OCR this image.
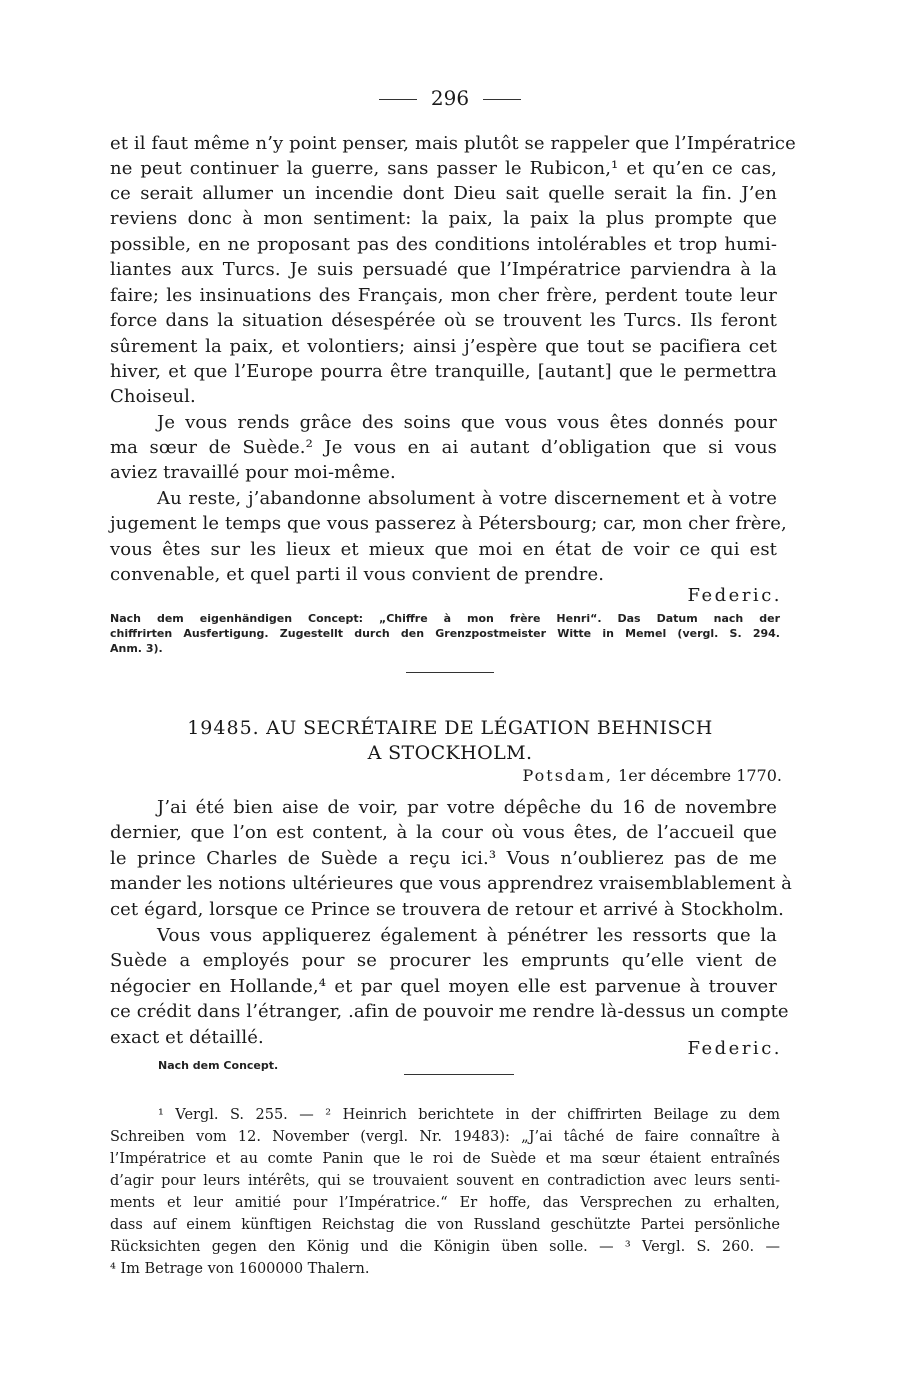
296
et il faut même n’y point penser, mais plutôt se rappeler que l’Impératrice
ne peut continuer la guerre, sans passer le Rubicon,¹ et qu’en ce cas,
ce serait allumer un incendie dont Dieu sait quelle serait la fin. J’en
reviens donc à mon sentiment: la paix, la paix la plus prompte que
possible, en ne proposant pas des conditions intolérables et trop humi-
liantes aux Turcs. Je suis persuadé que l’Impératrice parviendra à la
faire; les insinuations des Français, mon cher frère, perdent toute leur
force dans la situation désespérée où se trouvent les Turcs. Ils feront
sûrement la paix, et volontiers; ainsi j’espère que tout se pacifiera cet
hiver, et que l’Europe pourra être tranquille, [autant] que le permettra
Choiseul.
Je vous rends grâce des soins que vous vous êtes donnés pour
ma sœur de Suède.² Je vous en ai autant d’obligation que si vous
aviez travaillé pour moi-même.
Au reste, j’abandonne absolument à votre discernement et à votre
jugement le temps que vous passerez à Pétersbourg; car, mon cher frère,
vous êtes sur les lieux et mieux que moi en état de voir ce qui est
convenable, et quel parti il vous convient de prendre.
Federic.
Nach dem eigenhändigen Concept: „Chiffre à mon frère Henri“. Das Datum nach der
chiffrirten Ausfertigung. Zugestellt durch den Grenzpostmeister Witte in Memel (vergl. S. 294.
Anm. 3).
19485. AU SECRÉTAIRE DE LÉGATION BEHNISCH
A STOCKHOLM.
Potsdam, 1er décembre 1770.
J’ai été bien aise de voir, par votre dépêche du 16 de novembre
dernier, que l’on est content, à la cour où vous êtes, de l’accueil que
le prince Charles de Suède a reçu ici.³ Vous n’oublierez pas de me
mander les notions ultérieures que vous apprendrez vraisemblablement à
cet égard, lorsque ce Prince se trouvera de retour et arrivé à Stockholm.
Vous vous appliquerez également à pénétrer les ressorts que la
Suède a employés pour se procurer les emprunts qu’elle vient de
négocier en Hollande,⁴ et par quel moyen elle est parvenue à trouver
ce crédit dans l’étranger, .afin de pouvoir me rendre là-dessus un compte
exact et détaillé.
Federic.
Nach dem Concept.
¹ Vergl. S. 255. — ² Heinrich berichtete in der chiffrirten Beilage zu dem
Schreiben vom 12. November (vergl. Nr. 19483): „J’ai tâché de faire connaître à
l’Impératrice et au comte Panin que le roi de Suède et ma sœur étaient entraînés
d’agir pour leurs intérêts, qui se trouvaient souvent en contradiction avec leurs senti-
ments et leur amitié pour l’Impératrice.“ Er hoffe, das Versprechen zu erhalten,
dass auf einem künftigen Reichstag die von Russland geschützte Partei persönliche
Rücksichten gegen den König und die Königin üben solle. — ³ Vergl. S. 260. —
⁴ Im Betrage von 1600000 Thalern.
